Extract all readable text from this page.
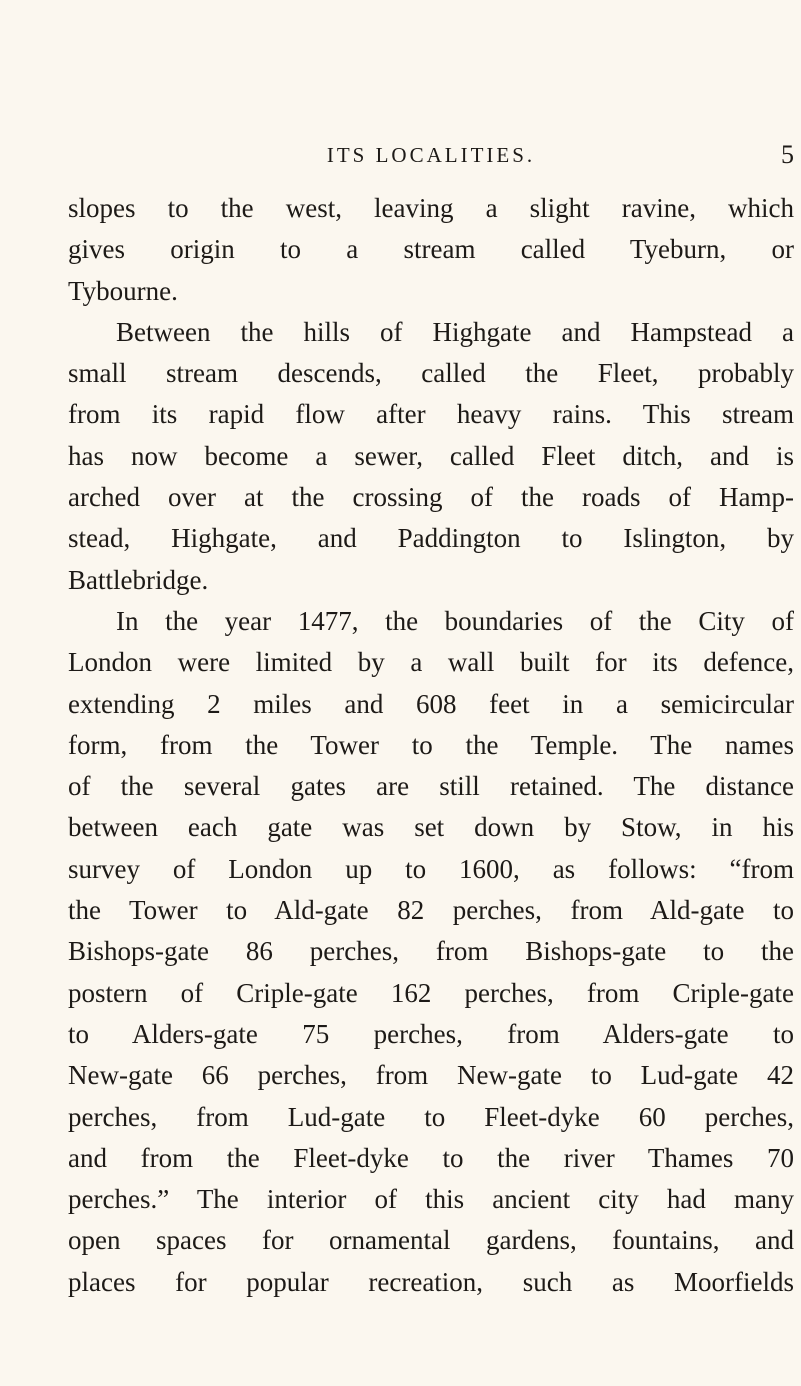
ITS LOCALITIES.	5
slopes to the west, leaving a slight ravine, which
gives origin to a stream called Tyeburn, or
Tybourne.
Between the hills of Highgate and Hampstead a
small stream descends, called the Fleet, probably
from its rapid flow after heavy rains. This stream
has now become a sewer, called Fleet ditch, and is
arched over at the crossing of the roads of Hamp-
stead, Highgate, and Paddington to Islington, by
Battlebridge.
In the year 1477, the boundaries of the City of
London were limited by a wall built for its defence,
extending 2 miles and 608 feet in a semicircular
form, from the Tower to the Temple. The names
of the several gates are still retained. The distance
between each gate was set down by Stow, in his
survey of London up to 1600, as follows: “from
the Tower to Ald-gate 82 perches, from Ald-gate to
Bishops-gate 86 perches, from Bishops-gate to the
postern of Criple-gate 162 perches, from Criple-gate
to Alders-gate 75 perches, from Alders-gate to
New-gate 66 perches, from New-gate to Lud-gate 42
perches, from Lud-gate to Fleet-dyke 60 perches,
and from the Fleet-dyke to the river Thames 70
perches.” The interior of this ancient city had many
open spaces for ornamental gardens, fountains, and
places for popular recreation, such as Moorfields
